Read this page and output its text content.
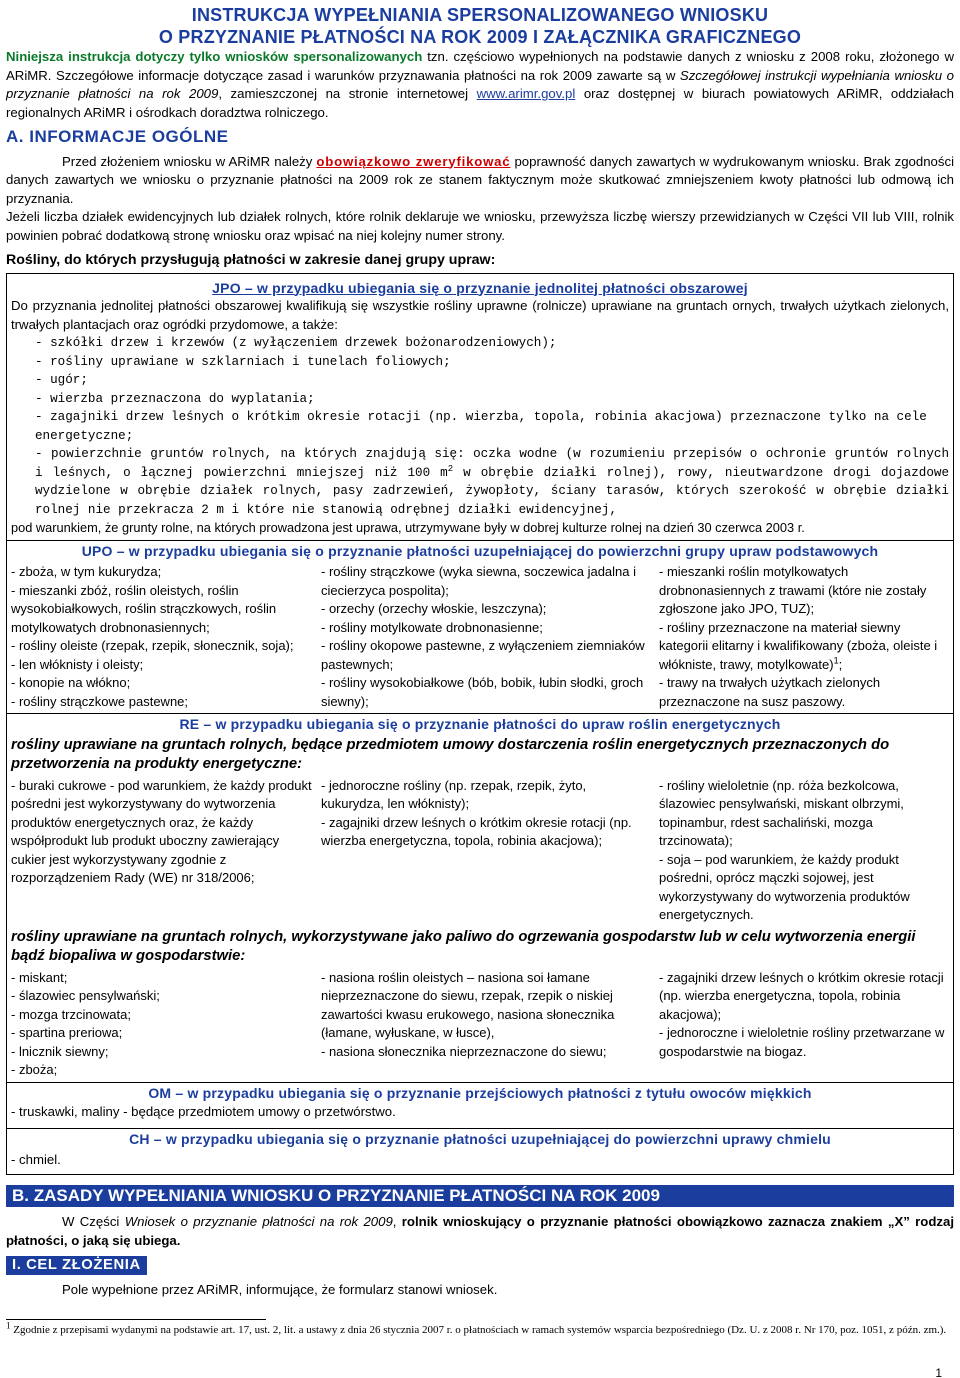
INSTRUKCJA WYPEŁNIANIA SPERSONALIZOWANEGO WNIOSKU
O PRZYZNANIE PŁATNOŚCI NA ROK 2009 I ZAŁĄCZNIKA GRAFICZNEGO
Niniejsza instrukcja dotyczy tylko wniosków spersonalizowanych tzn. częściowo wypełnionych na podstawie danych z wniosku z 2008 roku, złożonego w ARiMR. Szczegółowe informacje dotyczące zasad i warunków przyznawania płatności na rok 2009 zawarte są w Szczegółowej instrukcji wypełniania wniosku o przyznanie płatności na rok 2009, zamieszczonej na stronie internetowej www.arimr.gov.pl oraz dostępnej w biurach powiatowych ARiMR, oddziałach regionalnych ARiMR i ośrodkach doradztwa rolniczego.
A. INFORMACJE OGÓLNE
Przed złożeniem wniosku w ARiMR należy obowiązkowo zweryfikować poprawność danych zawartych w wydrukowanym wniosku. Brak zgodności danych zawartych we wniosku o przyznanie płatności na 2009 rok ze stanem faktycznym może skutkować zmniejszeniem kwoty płatności lub odmową ich przyznania.
Jeżeli liczba działek ewidencyjnych lub działek rolnych, które rolnik deklaruje we wniosku, przewyższa liczbę wierszy przewidzianych w Części VII lub VIII, rolnik powinien pobrać dodatkową stronę wniosku oraz wpisać na niej kolejny numer strony.
Rośliny, do których przysługują płatności w zakresie danej grupy upraw:
JPO – w przypadku ubiegania się o przyznanie jednolitej płatności obszarowej
Do przyznania jednolitej płatności obszarowej kwalifikują się wszystkie rośliny uprawne (rolnicze) uprawiane na gruntach ornych, trwałych użytkach zielonych, trwałych plantacjach oraz ogródki przydomowe, a także:
- szkółki drzew i krzewów (z wyłączeniem drzewek bożonarodzeniowych);
- rośliny uprawiane w szklarniach i tunelach foliowych;
- ugór;
- wierzba przeznaczona do wyplatania;
- zagajniki drzew leśnych o krótkim okresie rotacji (np. wierzba, topola, robinia akacjowa) przeznaczone tylko na cele energetyczne;
- powierzchnie gruntów rolnych, na których znajdują się: oczka wodne (w rozumieniu przepisów o ochronie gruntów rolnych i leśnych, o łącznej powierzchni mniejszej niż 100 $m^2$ w obrębie działki rolnej), rowy, nieutwardzone drogi dojazdowe wydzielone w obrębie działek rolnych, pasy zadrzewień, żywopłoty, ściany tarasów, których szerokość w obrębie działki rolnej nie przekracza 2 m i które nie stanowią odrębnej działki ewidencyjnej,
pod warunkiem, że grunty rolne, na których prowadzona jest uprawa, utrzymywane były w dobrej kulturze rolnej na dzień 30 czerwca 2003 r.
UPO – w przypadku ubiegania się o przyznanie płatności uzupełniającej do powierzchni grupy upraw podstawowych
- zboża, w tym kukurydza;
- mieszanki zbóż, roślin oleistych, roślin wysokobiałkowych, roślin strączkowych, roślin motylkowatych drobnonasiennych;
- rośliny oleiste (rzepak, rzepik, słonecznik, soja);
- len włóknisty i oleisty;
- konopie na włókno;
- rośliny strączkowe pastewne;
- rośliny strączkowe (wyka siewna, soczewica jadalna i ciecierzyca pospolita);
- orzechy (orzechy włoskie, leszczyna);
- rośliny motylkowate drobnonasienne;
- rośliny okopowe pastewne, z wyłączeniem ziemniaków pastewnych;
- rośliny wysokobiałkowe (bób, bobik, łubin słodki, groch siewny);
- mieszanki roślin motylkowatych drobnonasiennych z trawami (które nie zostały zgłoszone jako JPO, TUZ);
- rośliny przeznaczone na materiał siewny kategorii elitarny i kwalifikowany (zboża, oleiste i włókniste, trawy, motylkowate)$^1$;
- trawy na trwałych użytkach zielonych przeznaczone na susz paszowy.
RE – w przypadku ubiegania się o przyznanie płatności do upraw roślin energetycznych
rośliny uprawiane na gruntach rolnych, będące przedmiotem umowy dostarczenia roślin energetycznych przeznaczonych do przetworzenia na produkty energetyczne:
- buraki cukrowe - pod warunkiem, że każdy produkt pośredni jest wykorzystywany do wytworzenia produktów energetycznych oraz, że każdy współprodukt lub produkt uboczny zawierający cukier jest wykorzystywany zgodnie z rozporządzeniem Rady (WE) nr 318/2006;
- jednoroczne rośliny (np. rzepak, rzepik, żyto, kukurydza, len włóknisty);
- zagajniki drzew leśnych o krótkim okresie rotacji (np. wierzba energetyczna, topola, robinia akacjowa);
- rośliny wieloletnie (np. róża bezkolcowa, ślazowiec pensylwański, miskant olbrzymi, topinambur, rdest sachaliński, mozga trzcinowata);
- soja – pod warunkiem, że każdy produkt pośredni, oprócz mączki sojowej, jest wykorzystywany do wytworzenia produktów energetycznych.
rośliny uprawiane na gruntach rolnych, wykorzystywane jako paliwo do ogrzewania gospodarstw lub w celu wytworzenia energii bądź biopaliwa w gospodarstwie:
- miskant;
- ślazowiec pensylwański;
- mozga trzcinowata;
- spartina preriowa;
- lnicznik siewny;
- zboża;
- nasiona roślin oleistych – nasiona soi łamane nieprzeznaczone do siewu, rzepak, rzepik o niskiej zawartości kwasu erukowego, nasiona słonecznika (łamane, wyłuskane, w łusce),
- nasiona słonecznika nieprzeznaczone do siewu;
- zagajniki drzew leśnych o krótkim okresie rotacji (np. wierzba energetyczna, topola, robinia akacjowa);
- jednoroczne i wieloletnie rośliny przetwarzane w gospodarstwie na biogaz.
OM – w przypadku ubiegania się o przyznanie przejściowych płatności z tytułu owoców miękkich
- truskawki, maliny - będące przedmiotem umowy o przetwórstwo.
CH – w przypadku ubiegania się o przyznanie płatności uzupełniającej do powierzchni uprawy chmielu
- chmiel.
B. ZASADY WYPEŁNIANIA WNIOSKU O PRZYZNANIE PŁATNOŚCI NA ROK 2009
W Części Wniosek o przyznanie płatności na rok 2009, rolnik wnioskujący o przyznanie płatności obowiązkowo zaznacza znakiem „X” rodzaj płatności, o jaką się ubiega.
I. CEL ZŁOŻENIA
Pole wypełnione przez ARiMR, informujące, że formularz stanowi wniosek.
$^1$ Zgodnie z przepisami wydanymi na podstawie art. 17, ust. 2, lit. a ustawy z dnia 26 stycznia 2007 r. o płatnościach w ramach systemów wsparcia bezpośredniego (Dz. U. z 2008 r. Nr 170, poz. 1051, z późn. zm.).
1
